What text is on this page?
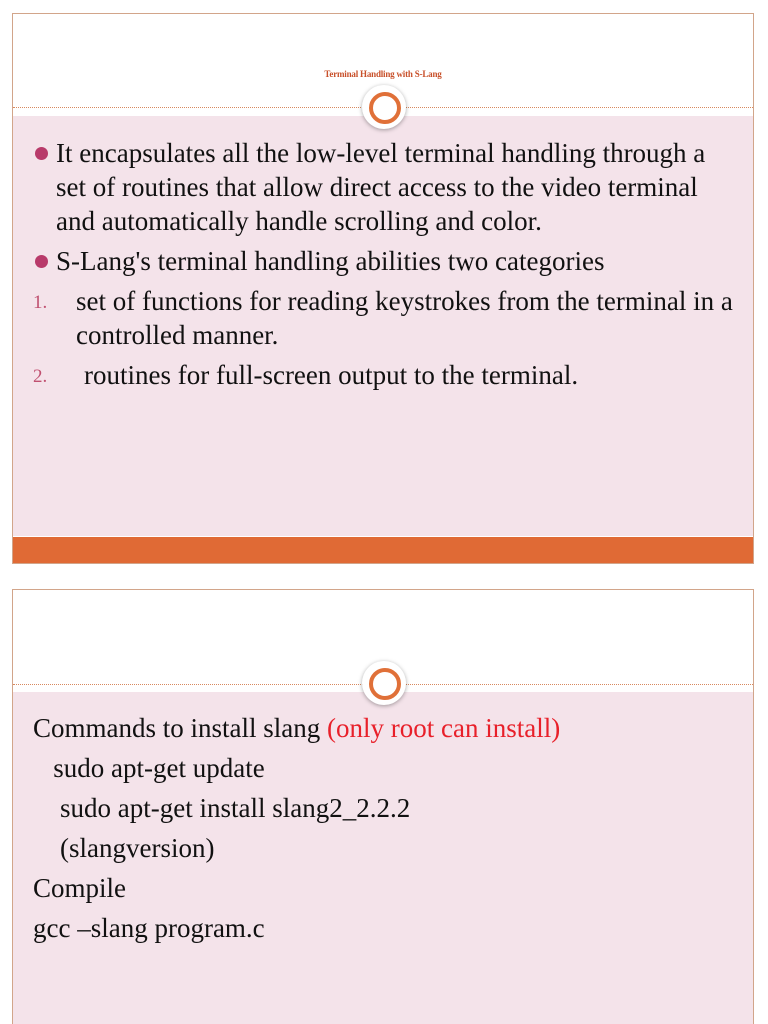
Terminal Handling with S-Lang
It encapsulates all the low-level terminal handling through a set of routines that allow direct access to the video terminal and automatically handle scrolling and color.
S-Lang's terminal handling abilities two categories
1. set of functions for reading keystrokes from the terminal in a controlled manner.
2. routines for full-screen output to the terminal.
Commands to install slang (only root can install)
sudo apt-get update
sudo apt-get install slang2_2.2.2
(slangversion)
Compile
gcc –slang program.c
